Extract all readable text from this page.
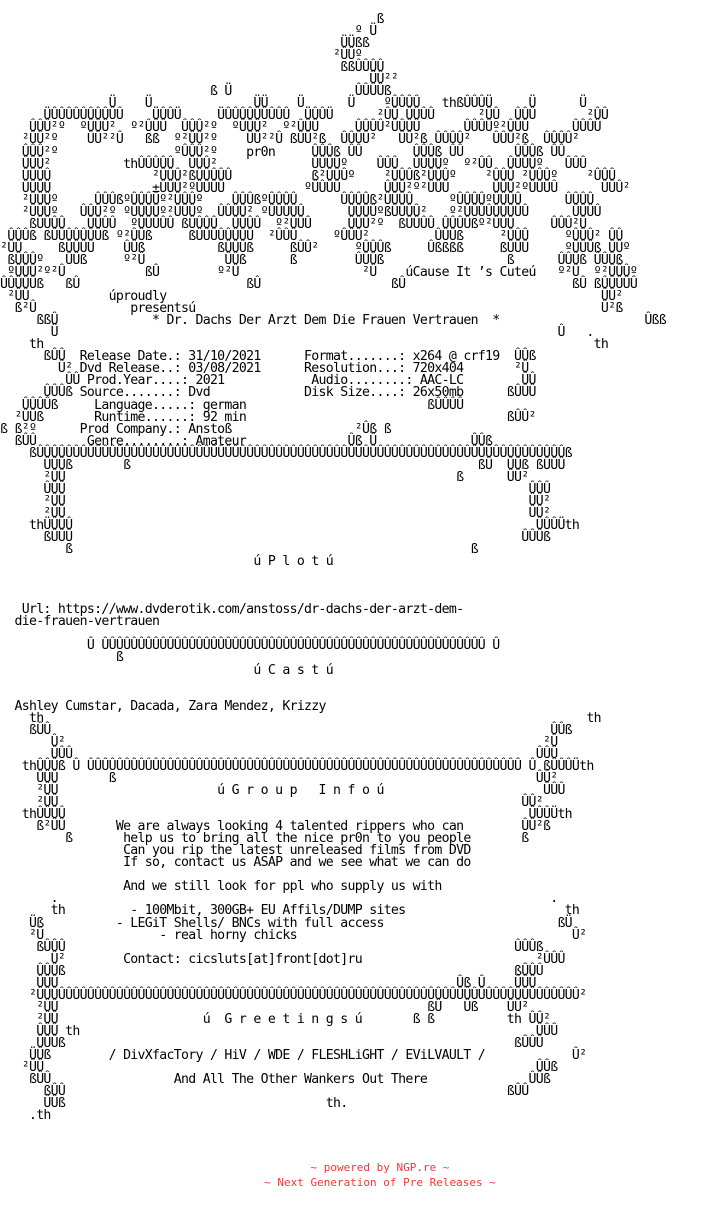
ß
º Ü
ÜÜßß
²ÛÛº
ßßÛÛÛÛ
ÜÛ²²
ß Ü                 ÛÛÛÛß
Ü    Ü              ÜÜ    Ü      Ü    ºÛÛÛÛ   thßÛÛÛÜ     Ü      Ü
ÜÛÛÛÛÛÛÛÛÛÛ    ÜÛÛÜ     ÜÛÛÛÛÛÛÛÛÛ  ÜÛÛÜ      ²ÛÛ ÛÛÛÛ      ²ÛÛ  ÛÛÛ       ²ÛÛ
ÛÛÛ²º  ºÛÛÛ²  º²ÛÛÛ  ÛÛÛ²º  ºÛÛÛ²  º²ÛÛÛ     ÛÛÛÛ²ÛÛÛÛ      ÛÛÛÛº²ÛÛÛ      ÛÛÛÛ
²ÛÛ²º    ÛÛ²²Û   ßß  º²ÛÛ²º    ÛÛ²²Û ßÛÛ²ß  ÛÛÛÛ²   ÛÛ²ß ÛÛÛÛ²   ÛÛÛ²ß  ÛÛÛÛ²
ÛÛÛ²º                ºÛÛÛ²º    pr0n     ÛÛÛß ÛÛ       ÛÛÛß ÛÛ       ÛÛÛß ÛÛ
ÛÛÛ²          thÛÛÛÛÛ  ÛÛÛ²             ÛÛÛÛº    ÛÛÛ  ÛÛÛÛº  º²ÛÛ  ÛÛÛÛº   ÛÛÛ
ÛÛÛÛ              ²ÛÛÛ²ßÛÛÛÛÛ           ß²ÛÛÛº    ²ÛÛÛß²ÛÛÛº    ²ÛÛÛ ²ÛÛÛº    ²ÛÛÛ
ÛÛÛÛ              ±ÛÛÛ²ºÛÛÛÛ           ºÛÛÛÛ      ÛÛÛ²º²ÛÛÛ      ÛÛÛ²ºÛÛÛÛ      ÛÛÛ²
²ÛÛÛº     ÛÛÛßºÛÛÛÛº²ÛÛÛº    ÛÛÛßºÛÛÛÛ      ÛÛÛÛß²ÛÛÛÛ     ºÛÛÛÛºÛÛÛÛ      ÛÛÛÛ
²ÛÛÛº   ÛÛÛ²º ºÛÛÛÛº²ÛÛÛº  ÛÛÛÛ² ºÛÛÛÛÛ      ÛÛÛÛºßÛÛÛÛ²   º²ÛÛÛÛÛÛÛÛÛ      ÛÛÛÛ
ßÛÛÛÛ   ÛÛÛÛ  ºÛÛÛÛÛ ßÛÛÛÛ  ÛÛÛÛ  º²ÛÛÛ     ÛÛÛ²º  ßÛÛÛÛ ÛÛÛÛßº²ÛÛÛ     ÛÛÛ²Û
ÛÛÛß ßÛÛÛÛÛÛÛß º²ÛÛß     ßÛÛÛÛÛÛÛÛ  ²ÛÛÛ     ºÛÛÛ²         ÛÛÛß     ²ÛÛÛ     ºÛÛÛ² ÛÛ
²ÛÛ     ßÛÛÛÛ    ÛÛß          ßÛÛÛß     ßÛÛ²     ºÛÛÛß     Ûßßßß     ßÛÛÛ     ºÛÛÛß ÛÛº
ßÛÛÛº   ÛÛß     º²Û           ÛÛß      ß        ÛÛÛß                 ß      ÛÛÛß ÛÛÛß
ºÛÛÛ²º²Û           ßÛ        º²Û                 ²Û    úCause It ’s Cuteú   º²Û  º²ÛÛÛº
ÛÛÛÛÛß   ßÛ                       ßÛ                  ßÛ                       ßÛ ßÛÛÛÛÛ
²ÛÛ           úproudly                                                            ÛÛ²
ß²Û             presentsú                                                        Û²ß
ßßÛ             * Dr. Dachs Der Arzt Dem Die Frauen Vertrauen  *                    Ûßß
Ü                                                                     Û   .
th                                                                            th
ßÛÛ  Release Date.: 31/10/2021      Format.......: x264 @ crf19  ÛÛß
Û² Dvd Release..: 03/08/2021      Resolution...: 720x404       ²Û
ÛÛ Prod.Year....: 2021            Audio........: AAC-LC        ÛÛ
ÛÛÛß Source.......: Dvd             Disk Size....: 26x50mb      ßÛÛÛ
ÛÛÛÛß     Language.....: german                         ßÛÛÛÛ
²ÛÛß       Runtime......: 92 min                                    ßÛÛ²
ß ß²º      Prod Company.: Anstoß                 ²Ûß ß
ßÛÛ       Genre........: Amateur              Ûß Û             ÛÛß
ßÛÛÛÛÛÛÛÛÛÛÛÛÛÛÛÛÛÛÛÛÛÛÛÛÛÛÛÛÛÛÛÛÛÛÛÛÛÛÛÛÛÛÛÛÛÛÛÛÛÛÛÛÛÛÛÛÛÛÛÛÛÛÛÛÛÛÛÛÛÛÛÛÛß
ÛÛÛß       ß                                                ßÛ  ÛÛß ßÛÛÛ
²ÛÛ                                                      ß      ÛÛ²
ÛÛÛ                                                                ÛÛÛ
²ÛÛ                                                                ÛÛ²
²ÛÛ                                                                ÛÛ²
thÜÛÛÛ                                                                ÛÛÛÜth
ßÛÛÛ                                                              ÛÛÛß
ß                                                       ß
ú P l o t ú

Url: https://www.dvderotik.com/anstoss/dr-dachs-der-arzt-dem-
die-frauen-vertrauen

Û ÛÛÛÛÛÛÛÛÛÛÛÛÛÛÛÛÛÛÛÛÛÛÛÛÛÛÛÛÛÛÛÛÛÛÛÛÛÛÛÛÛÛÛÛÛÛÛÛÛÛÛÛÛ Û
ß
ú C a s t ú

Ashley Cumstar, Dacada, Zara Mendez, Krizzy
th                                                                           th
ßÛÛ                                                                     ÛÛß
Û²                                                                  ²Û
ÛÛÛ                                                                ÛÛÛ
thÛÛÛß Û ÛÛÛÛÛÛÛÛÛÛÛÛÛÛÛÛÛÛÛÛÛÛÛÛÛÛÛÛÛÛÛÛÛÛÛÛÛÛÛÛÛÛÛÛÛÛÛÛÛÛÛÛÛÛÛÛÛÛÛÛ Û ßÛÛÛÜth
ÛÛÛ       ß                                                          ÛÛ²
²ÛÛ                      ú G r o u p   I n f o ú                      ÛÛÛ
²ÛÛ                                                                ÛÛ²
thÛÛÛÛ                                                                ÛÛÛÜth
ß²ÛÛ       We are always looking 4 talented rippers who can        ÛÛ²ß
ß       help us to bring all the nice pr0n to you people       ß
Can you rip the latest unreleased films from DVD
If so, contact us ASAP and we see what we can do

And we still look for ppl who supply us with
.                                                                    .
th         - 100Mbit, 300GB+ EU Affils/DUMP sites                      th
Üß          - LEGiT Shells/ BNCs with full access                        ßÜ
²Û                - real horny chicks                                      Û²
ßÛÛÛ                                                              ÛÛÛß
Û²        Contact: cicsluts[at]front[dot]ru                        ²ÛÛÛ
ÛÛÛß                                                              ßÛÛÛ
ÛÛÛ                                                       Ûß Û    ÛÛÛ
²ÛÛÛÛÛÛÛÛÛÛÛÛÛÛÛÛÛÛÛÛÛÛÛÛÛÛÛÛÛÛÛÛÛÛÛÛÛÛÛÛÛÛÛÛÛÛÛÛÛÛÛÛÛÛÛÛÛÛÛÛÛÛÛÛÛÛÛÛÛÛÛÛÛÛÛ²
²ÛÛ                                                   ßÛ   Ûß    ÛÛ²
²ÛÛ                    ú  G r e e t i n g s ú       ß ß          th ÛÛ²
ÛÛÛ th                                                               ÛÛÛ
ÛÛÛß                                                              ßÛÛÛ
ÜÛß        / DivXfacTory / HiV / WDE / FLESHLiGHT / EViLVAULT /            Û²
²ÛÛ                                                                    ÛÛß
ßÛÛ                 And All The Other Wankers Out There              ÛÛß
ßÛÛ                                                             ßÛÛ
ÛÛß                                    th.
.th

~ powered by NGP.re ~
~ Next Generation of Pre Releases ~
